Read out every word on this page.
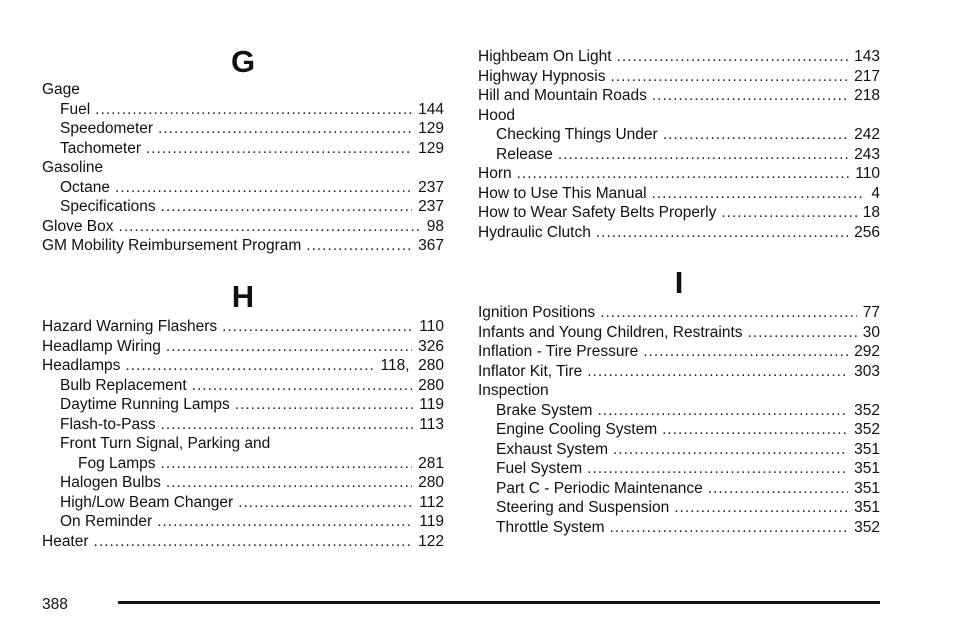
G
Gage
Fuel .....	144
Speedometer .....	129
Tachometer .....	129
Gasoline
Octane .....	237
Specifications .....	237
Glove Box .....	98
GM Mobility Reimbursement Program .....	367
H
Hazard Warning Flashers .....	110
Headlamp Wiring .....	326
Headlamps .....	118,  280
Bulb Replacement .....	280
Daytime Running Lamps .....	119
Flash-to-Pass .....	113
Front Turn Signal, Parking and
Fog Lamps .....	281
Halogen Bulbs .....	280
High/Low Beam Changer .....	112
On Reminder .....	119
Heater .....	122
Highbeam On Light .....	143
Highway Hypnosis .....	217
Hill and Mountain Roads .....	218
Hood
Checking Things Under .....	242
Release .....	243
Horn .....	110
How to Use This Manual .....	4
How to Wear Safety Belts Properly .....	18
Hydraulic Clutch .....	256
I
Ignition Positions .....	77
Infants and Young Children, Restraints .....	30
Inflation - Tire Pressure .....	292
Inflator Kit, Tire .....	303
Inspection
Brake System .....	352
Engine Cooling System .....	352
Exhaust System .....	351
Fuel System .....	351
Part C - Periodic Maintenance .....	351
Steering and Suspension .....	351
Throttle System .....	352
388
